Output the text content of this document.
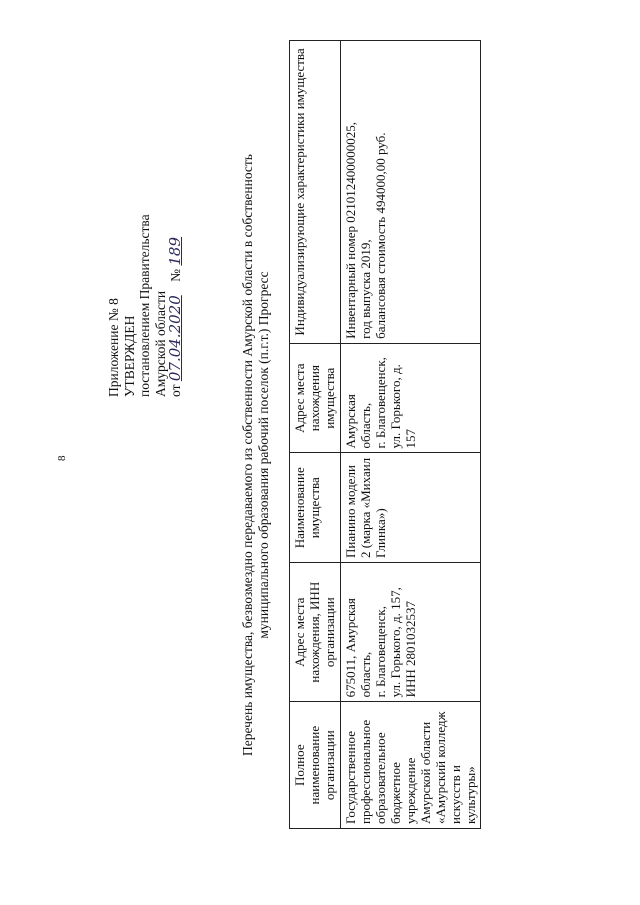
8
Приложение № 8 УТВЕРЖДЕН постановлением Правительства Амурской области от 07.04.2020 № 189	Перечень имущества, безвозмездно передаваемого из собственности Амурской области в собственность муниципального образования рабочий поселок (п.г.т.) Прогресс
Полное наименование организации	Адрес места нахождения, ИНН организации	Наименование имущества	Адрес места нахождения имущества	Индивидуализирующие характеристики имущества
Государственное профессиональное образовательное бюджетное учреждение Амурской области «Амурский колледж искусств и культуры»	675011, Амурская область, г. Благовещенск, ул. Горького, д. 157, ИНН 2801032537	Пианино модели 2 (марка «Михаил Глинка»)	Амурская область, г. Благовещенск, ул. Горького, д. 157	Инвентарный номер 021012400000025, год выпуска 2019, балансовая стоимость 494000,00 руб.
